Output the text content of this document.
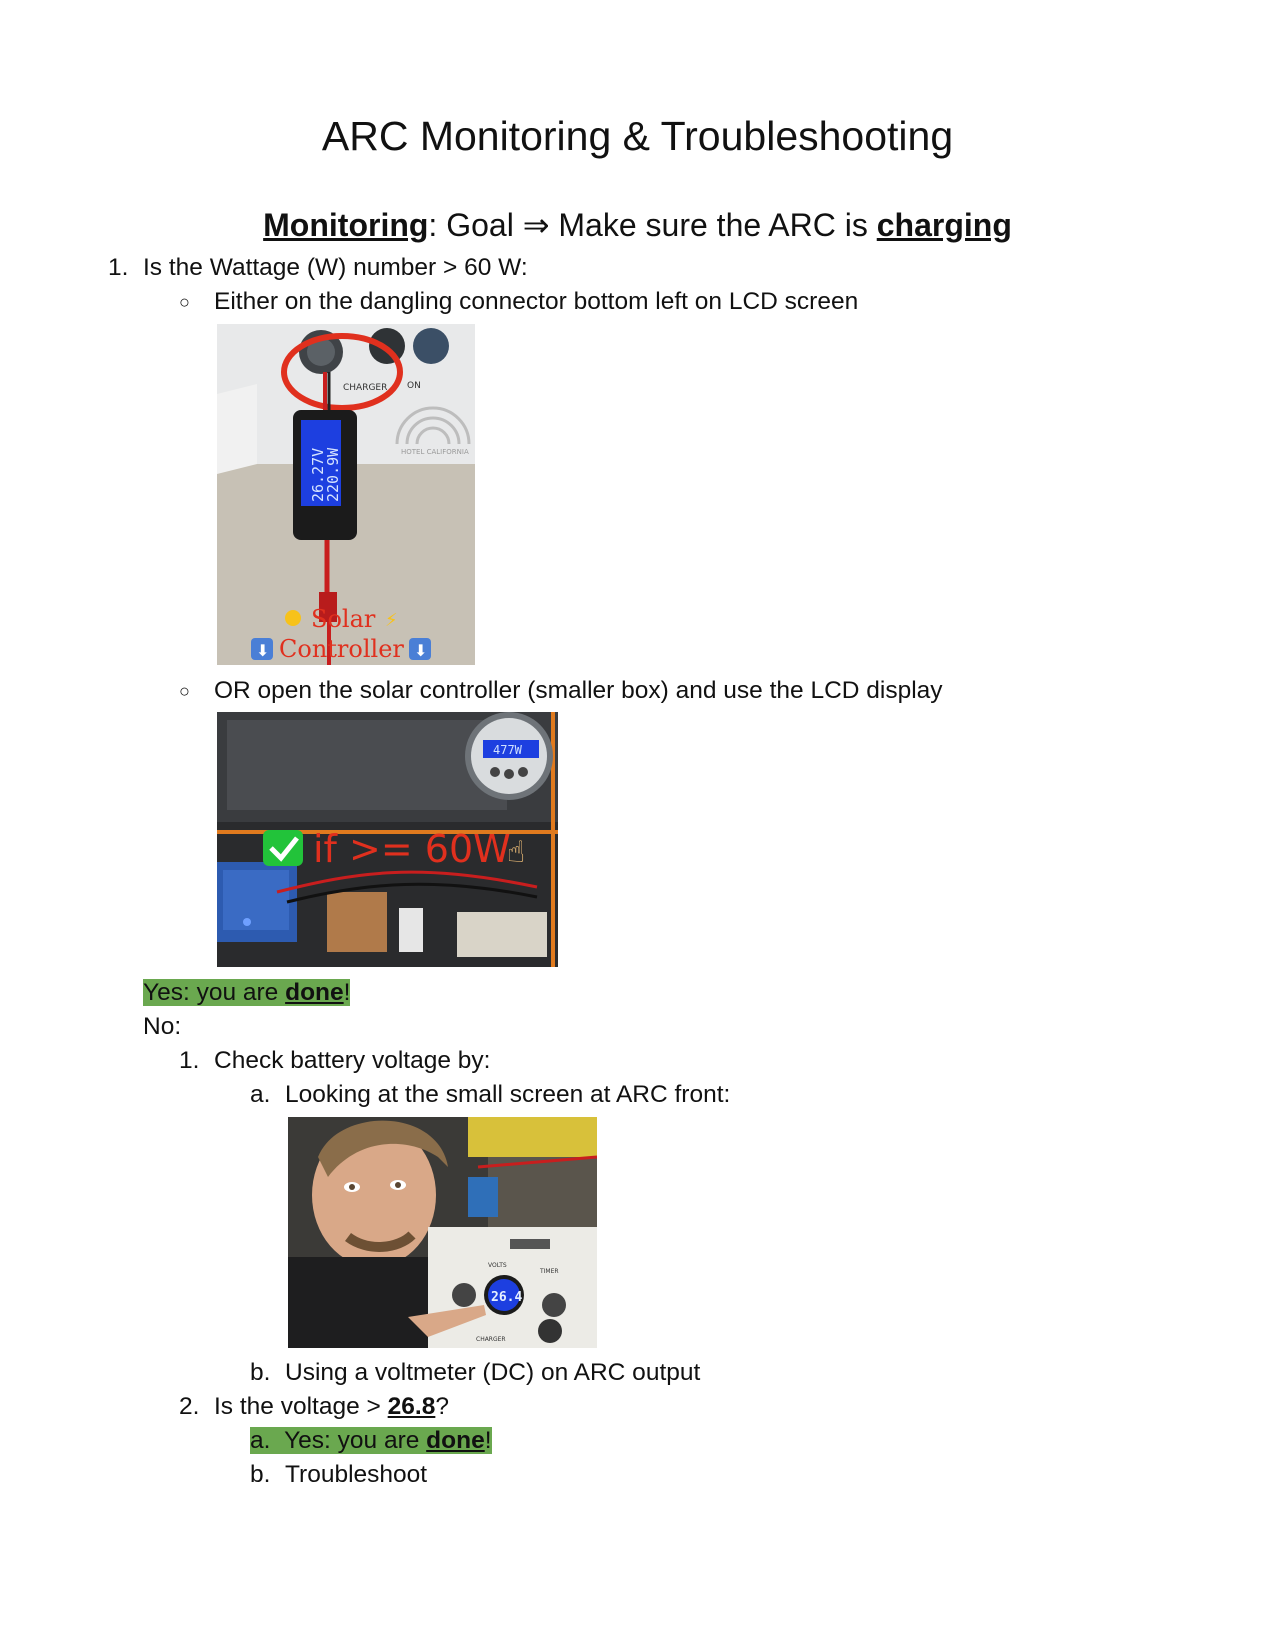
ARC Monitoring & Troubleshooting
Monitoring: Goal ⇒ Make sure the ARC is charging
1. Is the Wattage (W) number > 60 W:
○ Either on the dangling connector bottom left on LCD screen
CHARGER ON
HOTEL CALIFORNIA
26.27V
220.9W
Solar ⚡
⬇ Controller ⬇
○ OR open the solar controller (smaller box) and use the LCD display
477W
if >= 60W
☝
Yes: you are done!
No:
1. Check battery voltage by:
a. Looking at the small screen at ARC front:
VOLTS
TIMER
CHARGER
26.4
b. Using a voltmeter (DC) on ARC output
2. Is the voltage > 26.8?
a. Yes: you are done!
b. Troubleshoot
